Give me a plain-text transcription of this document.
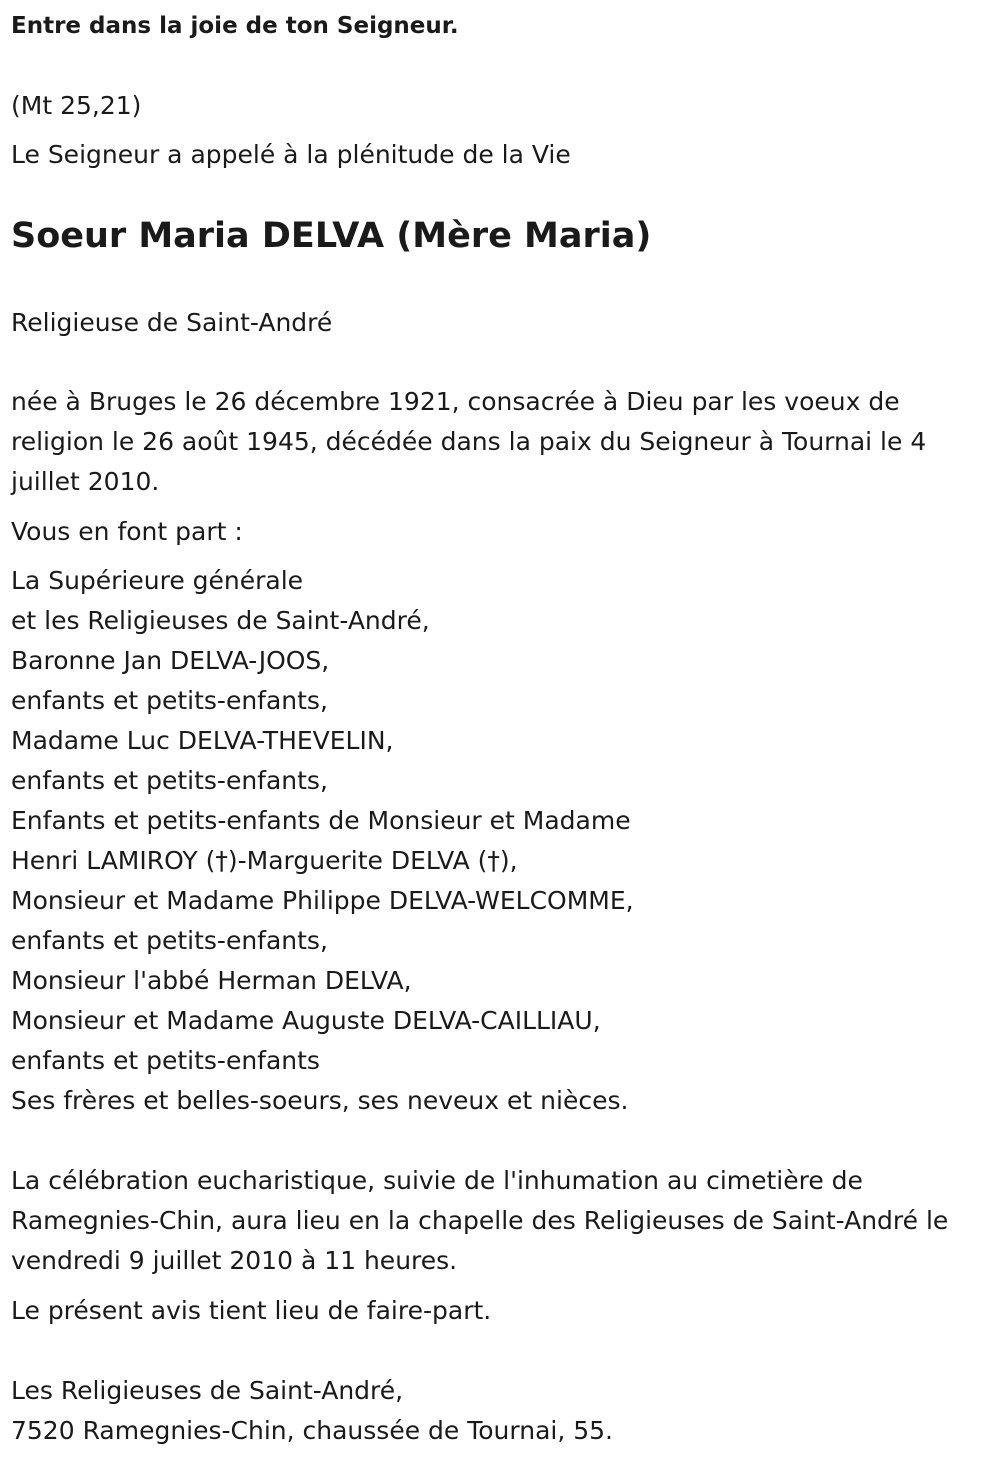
Entre dans la joie de ton Seigneur.
(Mt 25,21)
Le Seigneur a appelé à la plénitude de la Vie
Soeur Maria DELVA (Mère Maria)
Religieuse de Saint-André
née à Bruges le 26 décembre 1921, consacrée à Dieu par les voeux de religion le 26 août 1945, décédée dans la paix du Seigneur à Tournai le 4 juillet 2010.
Vous en font part :
La Supérieure générale
et les Religieuses de Saint-André,
Baronne Jan DELVA-JOOS,
enfants et petits-enfants,
Madame Luc DELVA-THEVELIN,
enfants et petits-enfants,
Enfants et petits-enfants de Monsieur et Madame
Henri LAMIROY (†)-Marguerite DELVA (†),
Monsieur et Madame Philippe DELVA-WELCOMME,
enfants et petits-enfants,
Monsieur l'abbé Herman DELVA,
Monsieur et Madame Auguste DELVA-CAILLIAU,
enfants et petits-enfants
Ses frères et belles-soeurs, ses neveux et nièces.
La célébration eucharistique, suivie de l'inhumation au cimetière de Ramegnies-Chin, aura lieu en la chapelle des Religieuses de Saint-André le vendredi 9 juillet 2010 à 11 heures.
Le présent avis tient lieu de faire-part.
Les Religieuses de Saint-André,
7520 Ramegnies-Chin, chaussée de Tournai, 55.
